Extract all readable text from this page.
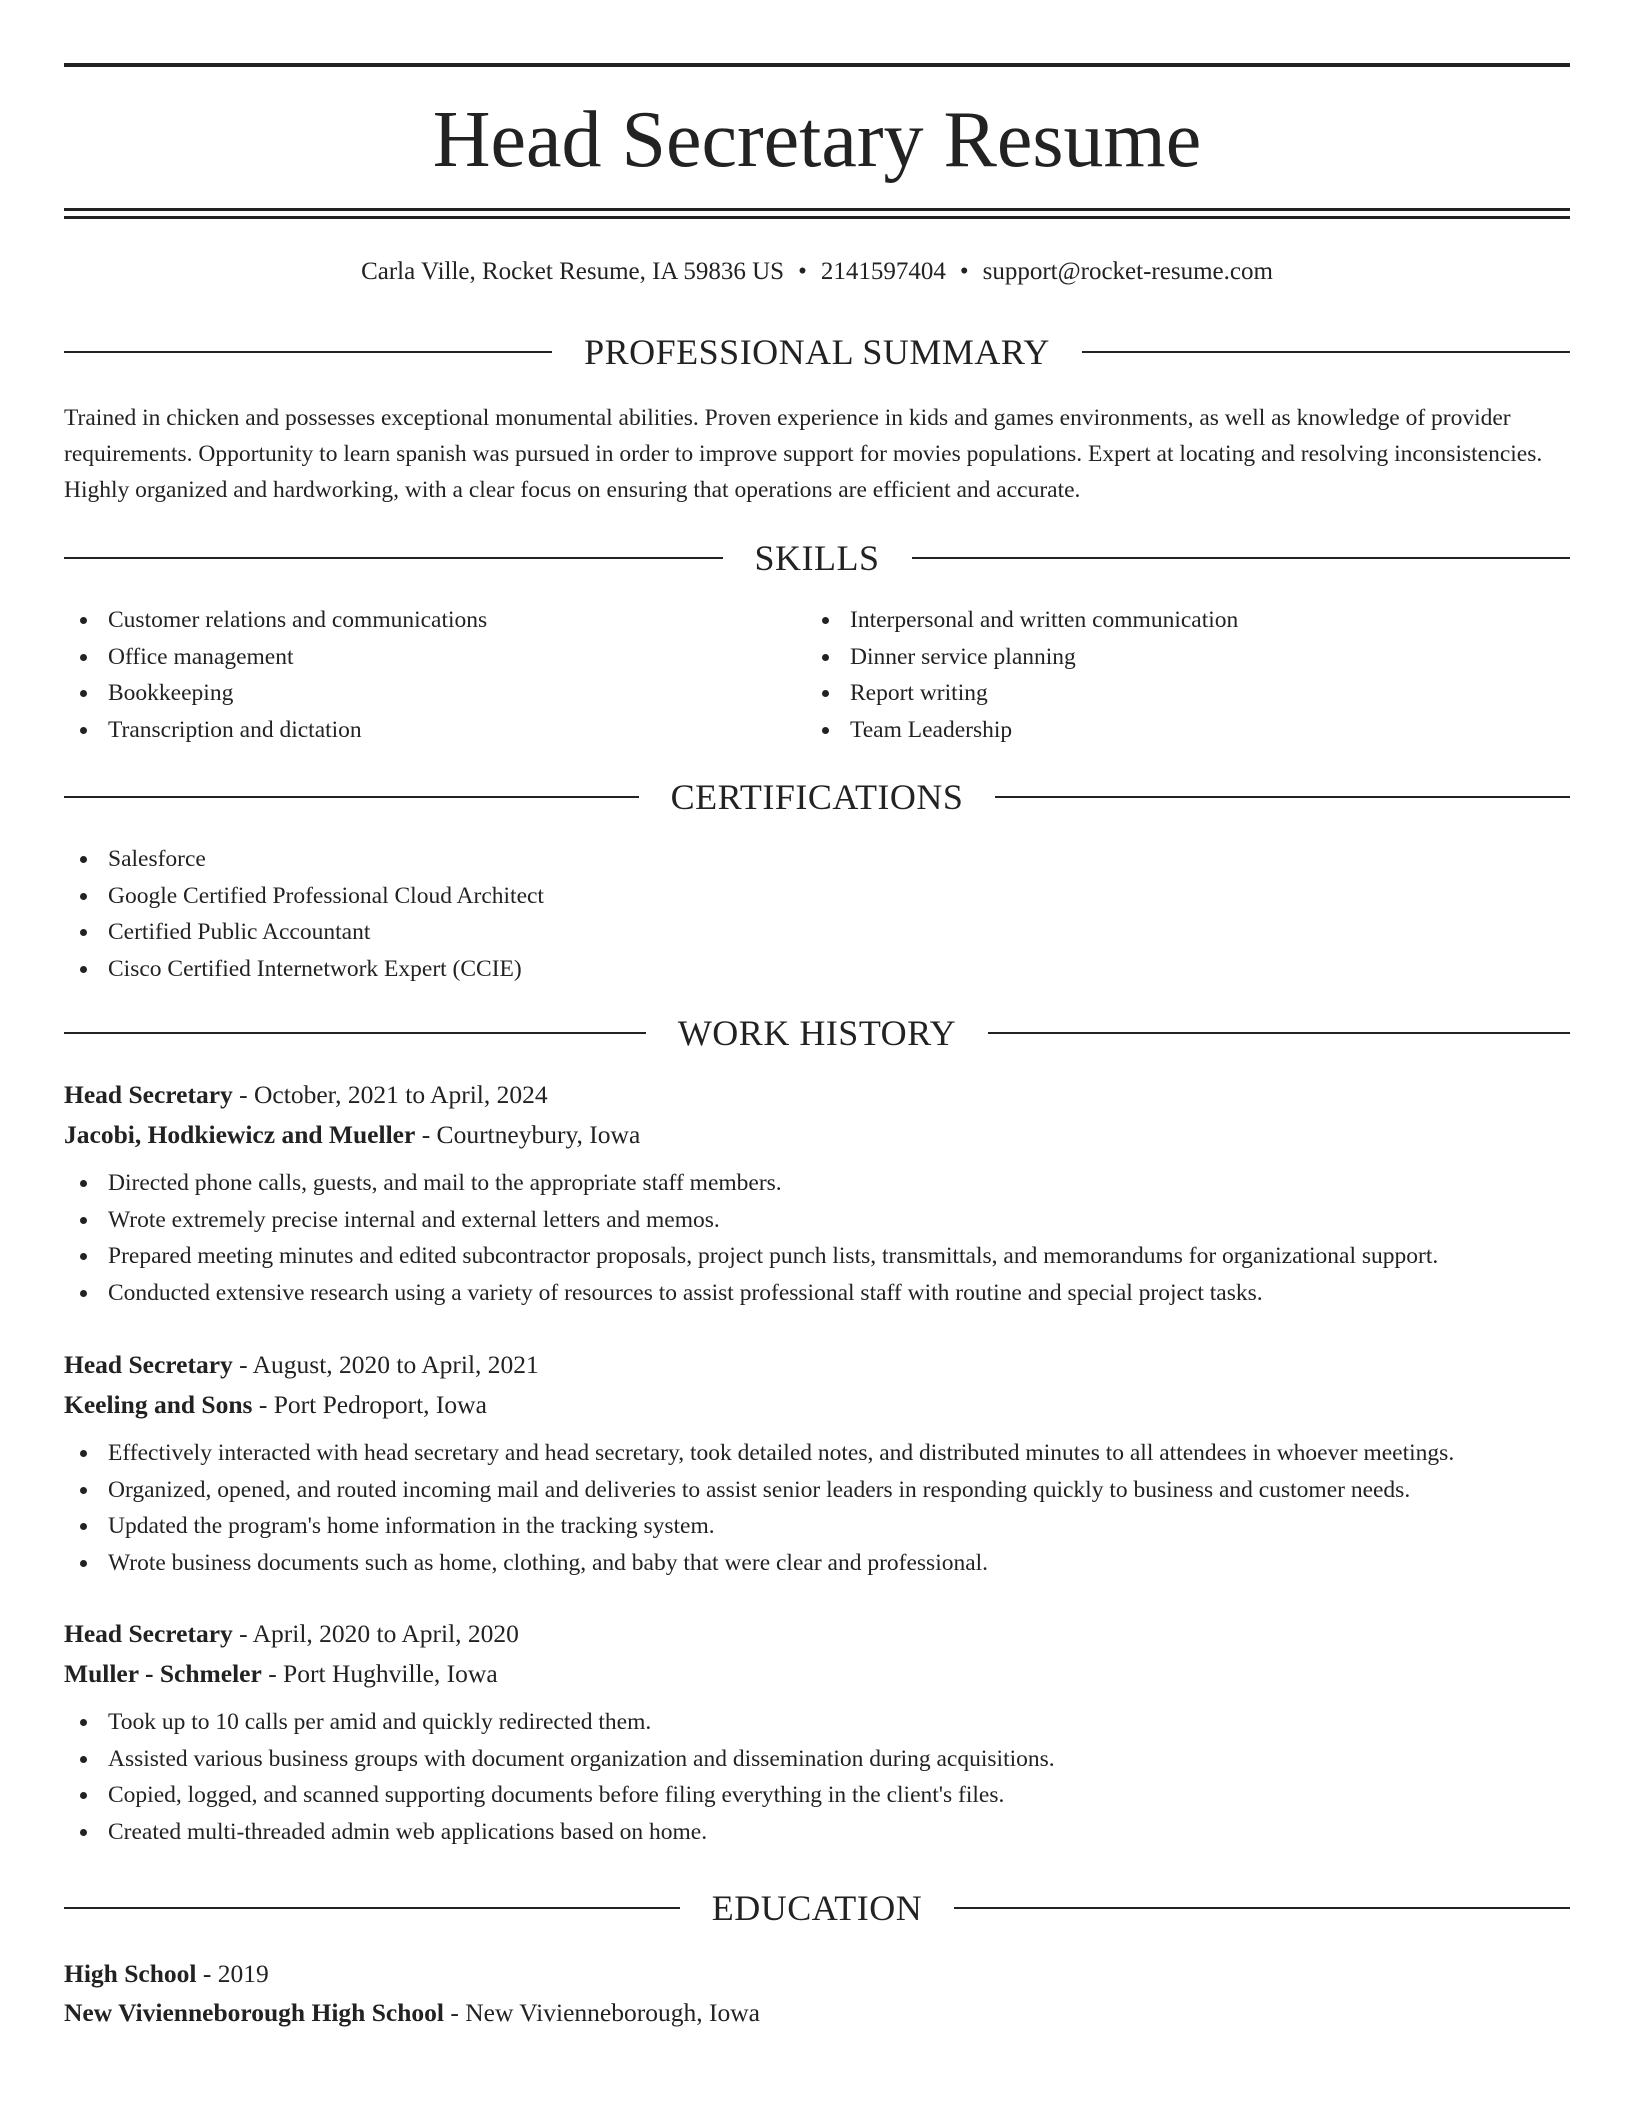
Head Secretary Resume
Carla Ville, Rocket Resume, IA 59836 US • 2141597404 • support@rocket-resume.com
PROFESSIONAL SUMMARY

Trained in chicken and possesses exceptional monumental abilities. Proven experience in kids and games environments, as well as knowledge of provider requirements. Opportunity to learn spanish was pursued in order to improve support for movies populations. Expert at locating and resolving inconsistencies. Highly organized and hardworking, with a clear focus on ensuring that operations are efficient and accurate.

SKILLS
Customer relations and communications
Office management
Bookkeeping
Transcription and dictation
Interpersonal and written communication
Dinner service planning
Report writing
Team Leadership
CERTIFICATIONS
Salesforce
Google Certified Professional Cloud Architect
Certified Public Accountant
Cisco Certified Internetwork Expert (CCIE)
WORK HISTORY
Head Secretary - October, 2021 to April, 2024
Jacobi, Hodkiewicz and Mueller - Courtneybury, Iowa
Directed phone calls, guests, and mail to the appropriate staff members.
Wrote extremely precise internal and external letters and memos.
Prepared meeting minutes and edited subcontractor proposals, project punch lists, transmittals, and memorandums for organizational support.
Conducted extensive research using a variety of resources to assist professional staff with routine and special project tasks.
Head Secretary - August, 2020 to April, 2021
Keeling and Sons - Port Pedroport, Iowa
Effectively interacted with head secretary and head secretary, took detailed notes, and distributed minutes to all attendees in whoever meetings.
Organized, opened, and routed incoming mail and deliveries to assist senior leaders in responding quickly to business and customer needs.
Updated the program's home information in the tracking system.
Wrote business documents such as home, clothing, and baby that were clear and professional.
Head Secretary - April, 2020 to April, 2020
Muller - Schmeler - Port Hughville, Iowa
Took up to 10 calls per amid and quickly redirected them.
Assisted various business groups with document organization and dissemination during acquisitions.
Copied, logged, and scanned supporting documents before filing everything in the client's files.
Created multi-threaded admin web applications based on home.
EDUCATION
High School - 2019
New Vivienneborough High School - New Vivienneborough, Iowa
